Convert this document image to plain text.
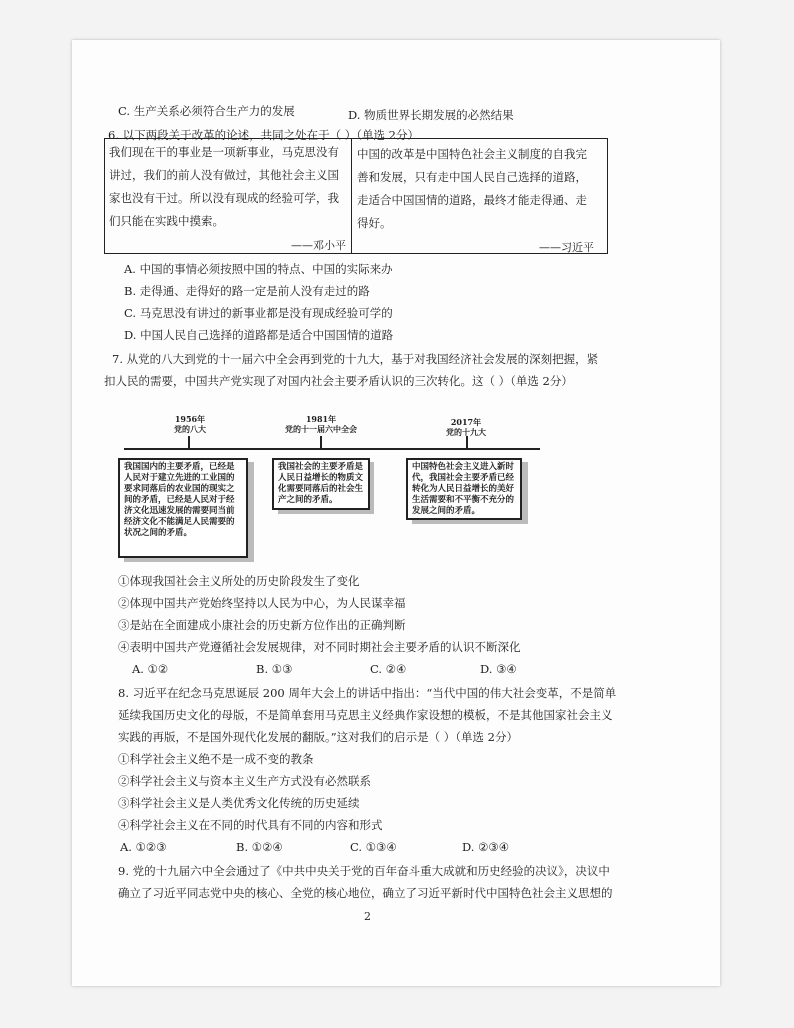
C. 生产关系必须符合生产力的发展	D. 物质世界长期发展的必然结果
6. 以下两段关于改革的论述，共同之处在于（ ）（单选 2分）
我们现在干的事业是一项新事业，马克思没有讲过，我们的前人没有做过，其他社会主义国家也没有干过。所以没有现成的经验可学，我们只能在实践中摸索。
——邓小平
中国的改革是中国特色社会主义制度的自我完善和发展，只有走中国人民自己选择的道路，走适合中国国情的道路，最终才能走得通、走得好。
——习近平
A. 中国的事情必须按照中国的特点、中国的实际来办
B. 走得通、走得好的路一定是前人没有走过的路
C. 马克思没有讲过的新事业都是没有现成经验可学的
D. 中国人民自己选择的道路都是适合中国国情的道路
7. 从党的八大到党的十一届六中全会再到党的十九大，基于对我国经济社会发展的深刻把握，紧
扣人民的需要，中国共产党实现了对国内社会主要矛盾认识的三次转化。这（ ）（单选 2分）
1956年
党的八大
1981年
党的十一届六中全会
2017年
党的十九大
我国国内的主要矛盾，已经是人民对于建立先进的工业国的要求同落后的农业国的现实之间的矛盾，已经是人民对于经济文化迅速发展的需要同当前经济文化不能满足人民需要的状况之间的矛盾。
我国社会的主要矛盾是人民日益增长的物质文化需要同落后的社会生产之间的矛盾。
中国特色社会主义进入新时代，我国社会主要矛盾已经转化为人民日益增长的美好生活需要和不平衡不充分的发展之间的矛盾。
①体现我国社会主义所处的历史阶段发生了变化
②体现中国共产党始终坚持以人民为中心，为人民谋幸福
③是站在全面建成小康社会的历史新方位作出的正确判断
④表明中国共产党遵循社会发展规律，对不同时期社会主要矛盾的认识不断深化
A. ①②	B. ①③	C. ②④	D. ③④
8. 习近平在纪念马克思诞辰 200 周年大会上的讲话中指出：“当代中国的伟大社会变革，不是简单
延续我国历史文化的母版，不是简单套用马克思主义经典作家设想的模板，不是其他国家社会主义
实践的再版，不是国外现代化发展的翻版。”这对我们的启示是（ ）（单选 2分）
①科学社会主义绝不是一成不变的教条
②科学社会主义与资本主义生产方式没有必然联系
③科学社会主义是人类优秀文化传统的历史延续
④科学社会主义在不同的时代具有不同的内容和形式
A. ①②③	B. ①②④	C. ①③④	D. ②③④
9. 党的十九届六中全会通过了《中共中央关于党的百年奋斗重大成就和历史经验的决议》，决议中
确立了习近平同志党中央的核心、全党的核心地位，确立了习近平新时代中国特色社会主义思想的
2
